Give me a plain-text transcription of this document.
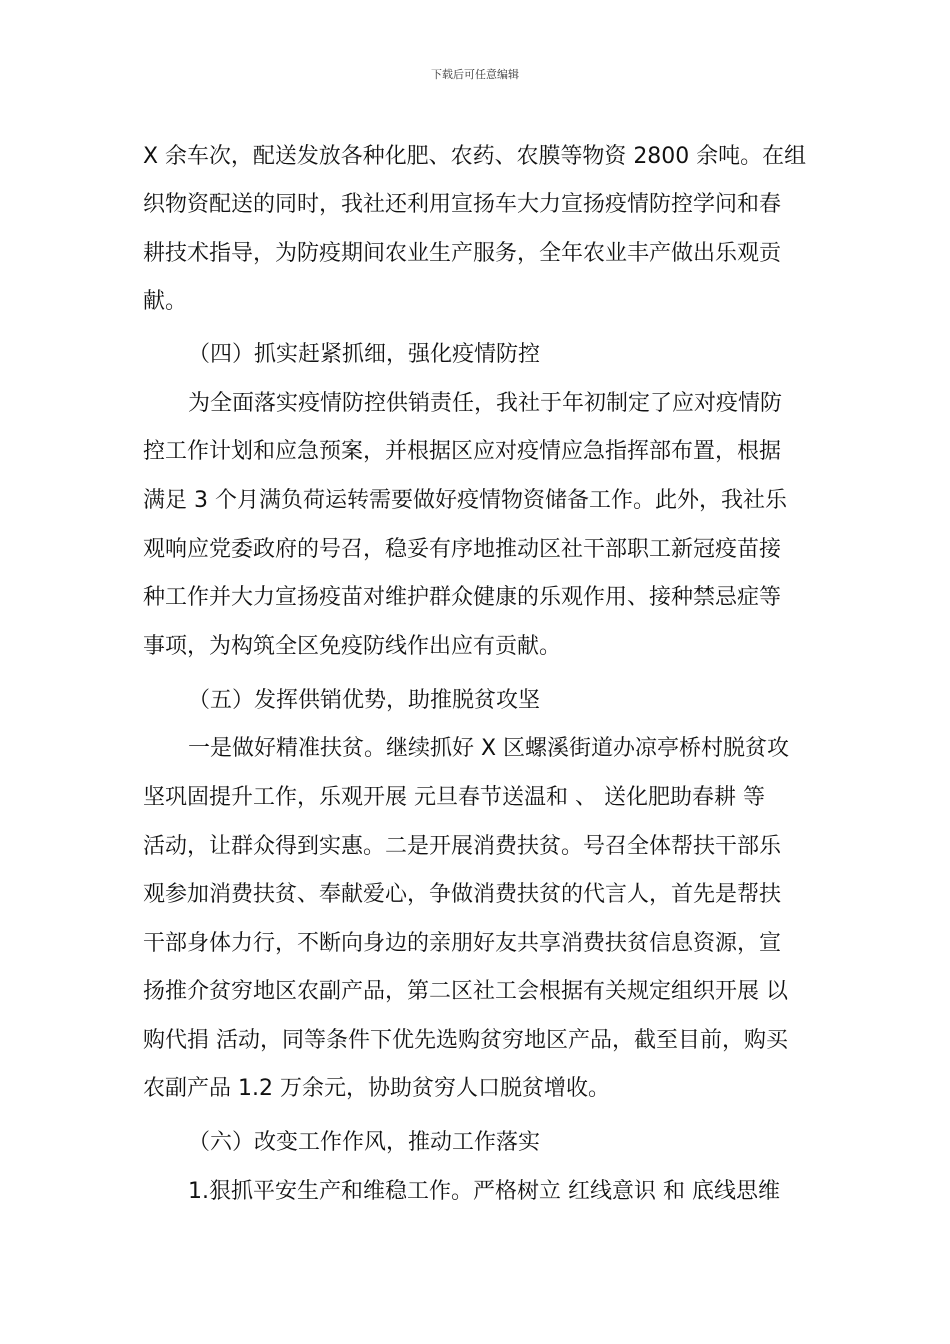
下载后可任意编辑
X 余车次，配送发放各种化肥、农药、农膜等物资 2800 余吨。在组
织物资配送的同时，我社还利用宣扬车大力宣扬疫情防控学问和春
耕技术指导，为防疫期间农业生产服务，全年农业丰产做出乐观贡
献。
（四）抓实赶紧抓细，强化疫情防控
为全面落实疫情防控供销责任，我社于年初制定了应对疫情防
控工作计划和应急预案，并根据区应对疫情应急指挥部布置，根据
满足 3 个月满负荷运转需要做好疫情物资储备工作。此外，我社乐
观响应党委政府的号召，稳妥有序地推动区社干部职工新冠疫苗接
种工作并大力宣扬疫苗对维护群众健康的乐观作用、接种禁忌症等
事项，为构筑全区免疫防线作出应有贡献。
（五）发挥供销优势，助推脱贫攻坚
一是做好精准扶贫。继续抓好 X 区螺溪街道办凉亭桥村脱贫攻
坚巩固提升工作，乐观开展 元旦春节送温和 、 送化肥助春耕 等
活动，让群众得到实惠。二是开展消费扶贫。号召全体帮扶干部乐
观参加消费扶贫、奉献爱心，争做消费扶贫的代言人，首先是帮扶
干部身体力行，不断向身边的亲朋好友共享消费扶贫信息资源，宣
扬推介贫穷地区农副产品，第二区社工会根据有关规定组织开展 以
购代捐 活动，同等条件下优先选购贫穷地区产品，截至目前，购买
农副产品 1.2 万余元，协助贫穷人口脱贫增收。
（六）改变工作作风，推动工作落实
1.狠抓平安生产和维稳工作。严格树立 红线意识 和 底线思维
